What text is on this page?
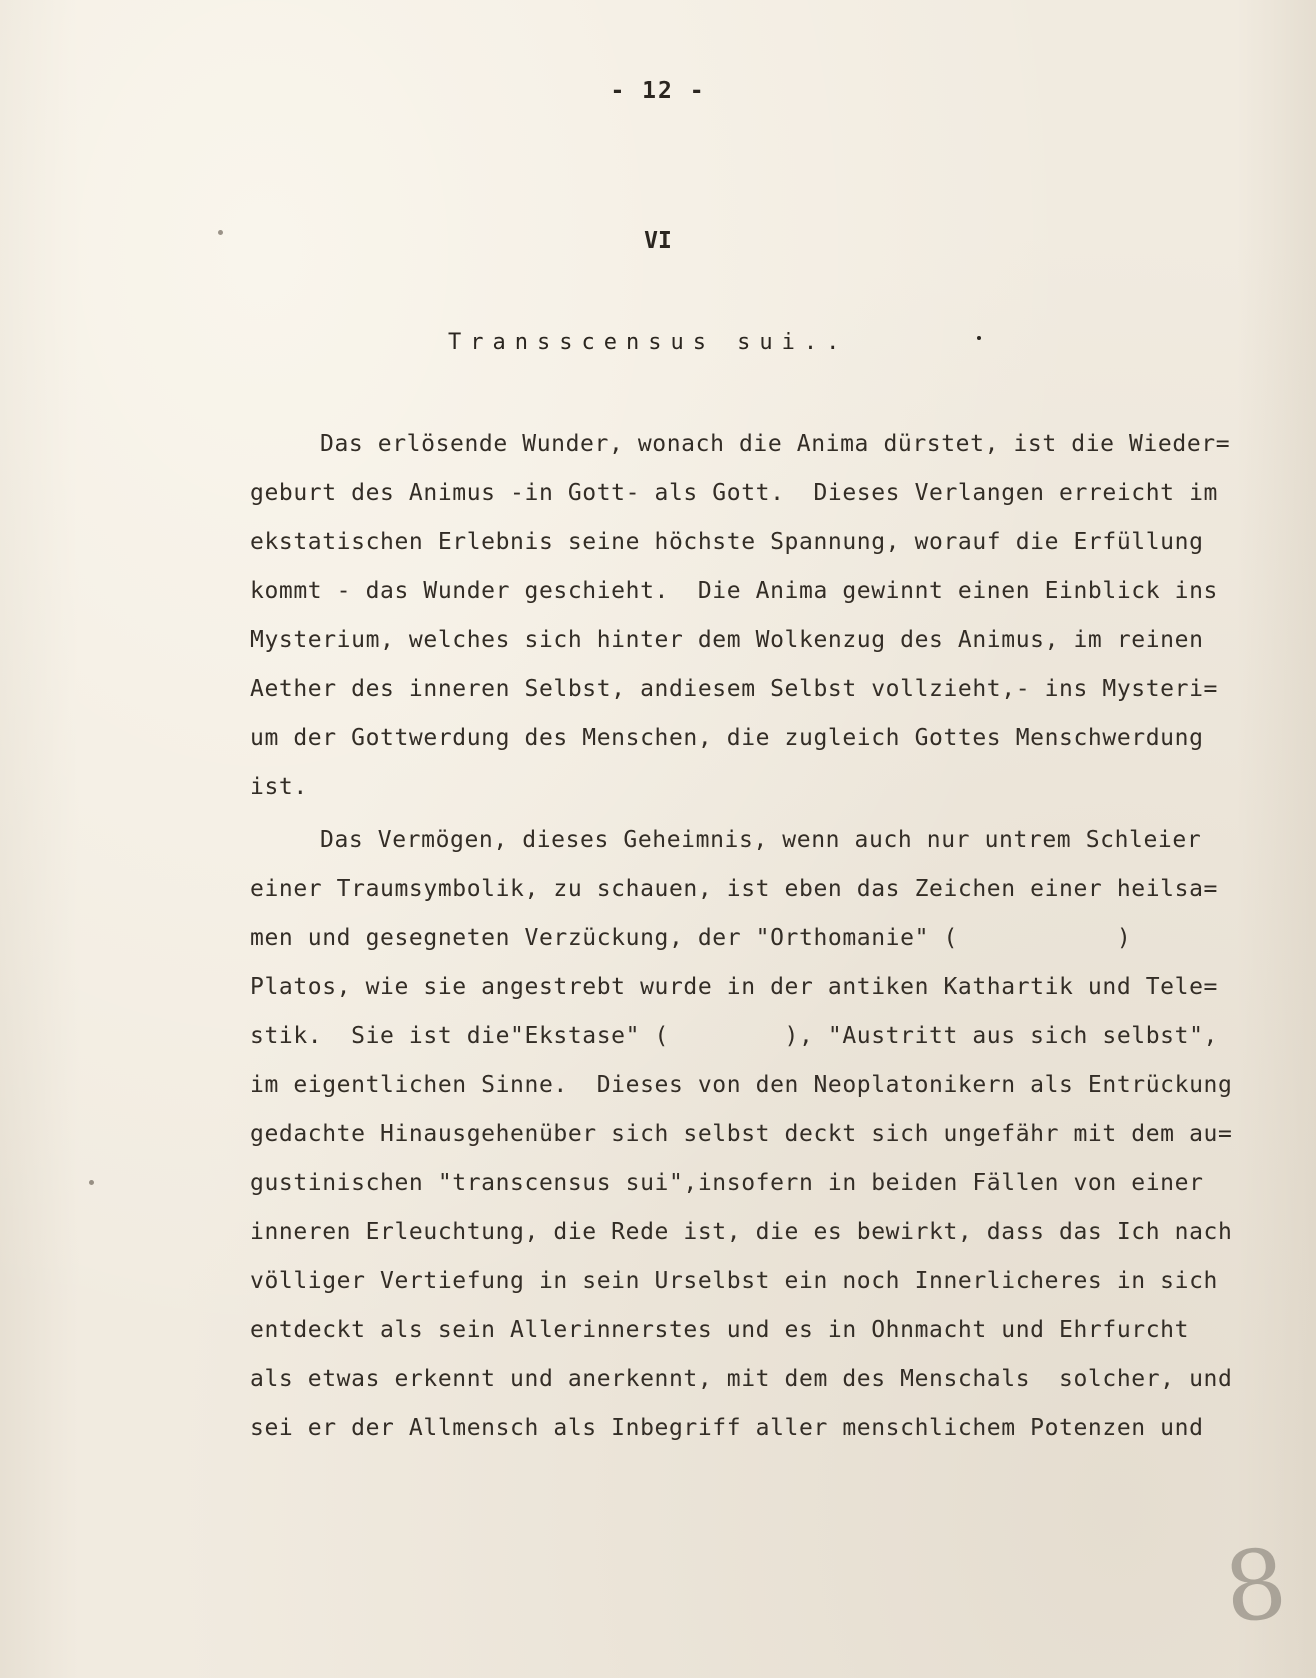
- 12 -
VI
Transscensus sui..
Das erlösende Wunder, wonach die Anima dürstet, ist die Wieder=
geburt des Animus -in Gott- als Gott.  Dieses Verlangen erreicht im
ekstatischen Erlebnis seine höchste Spannung, worauf die Erfüllung
kommt - das Wunder geschieht.  Die Anima gewinnt einen Einblick ins
Mysterium, welches sich hinter dem Wolkenzug des Animus, im reinen
Aether des inneren Selbst, andiesem Selbst vollzieht,- ins Mysteri=
um der Gottwerdung des Menschen, die zugleich Gottes Menschwerdung
ist.
Das Vermögen, dieses Geheimnis, wenn auch nur untrem Schleier
einer Traumsymbolik, zu schauen, ist eben das Zeichen einer heilsa=
men und gesegneten Verzückung, der "Orthomanie" (           )
Platos, wie sie angestrebt wurde in der antiken Kathartik und Tele=
stik.  Sie ist die"Ekstase" (        ), "Austritt aus sich selbst",
im eigentlichen Sinne.  Dieses von den Neoplatonikern als Entrückung
gedachte Hinausgehenüber sich selbst deckt sich ungefähr mit dem au=
gustinischen "transcensus sui",insofern in beiden Fällen von einer
inneren Erleuchtung, die Rede ist, die es bewirkt, dass das Ich nach
völliger Vertiefung in sein Urselbst ein noch Innerlicheres in sich
entdeckt als sein Allerinnerstes und es in Ohnmacht und Ehrfurcht
als etwas erkennt und anerkennt, mit dem des Menschals  solcher, und
sei er der Allmensch als Inbegriff aller menschlichem Potenzen und
8
